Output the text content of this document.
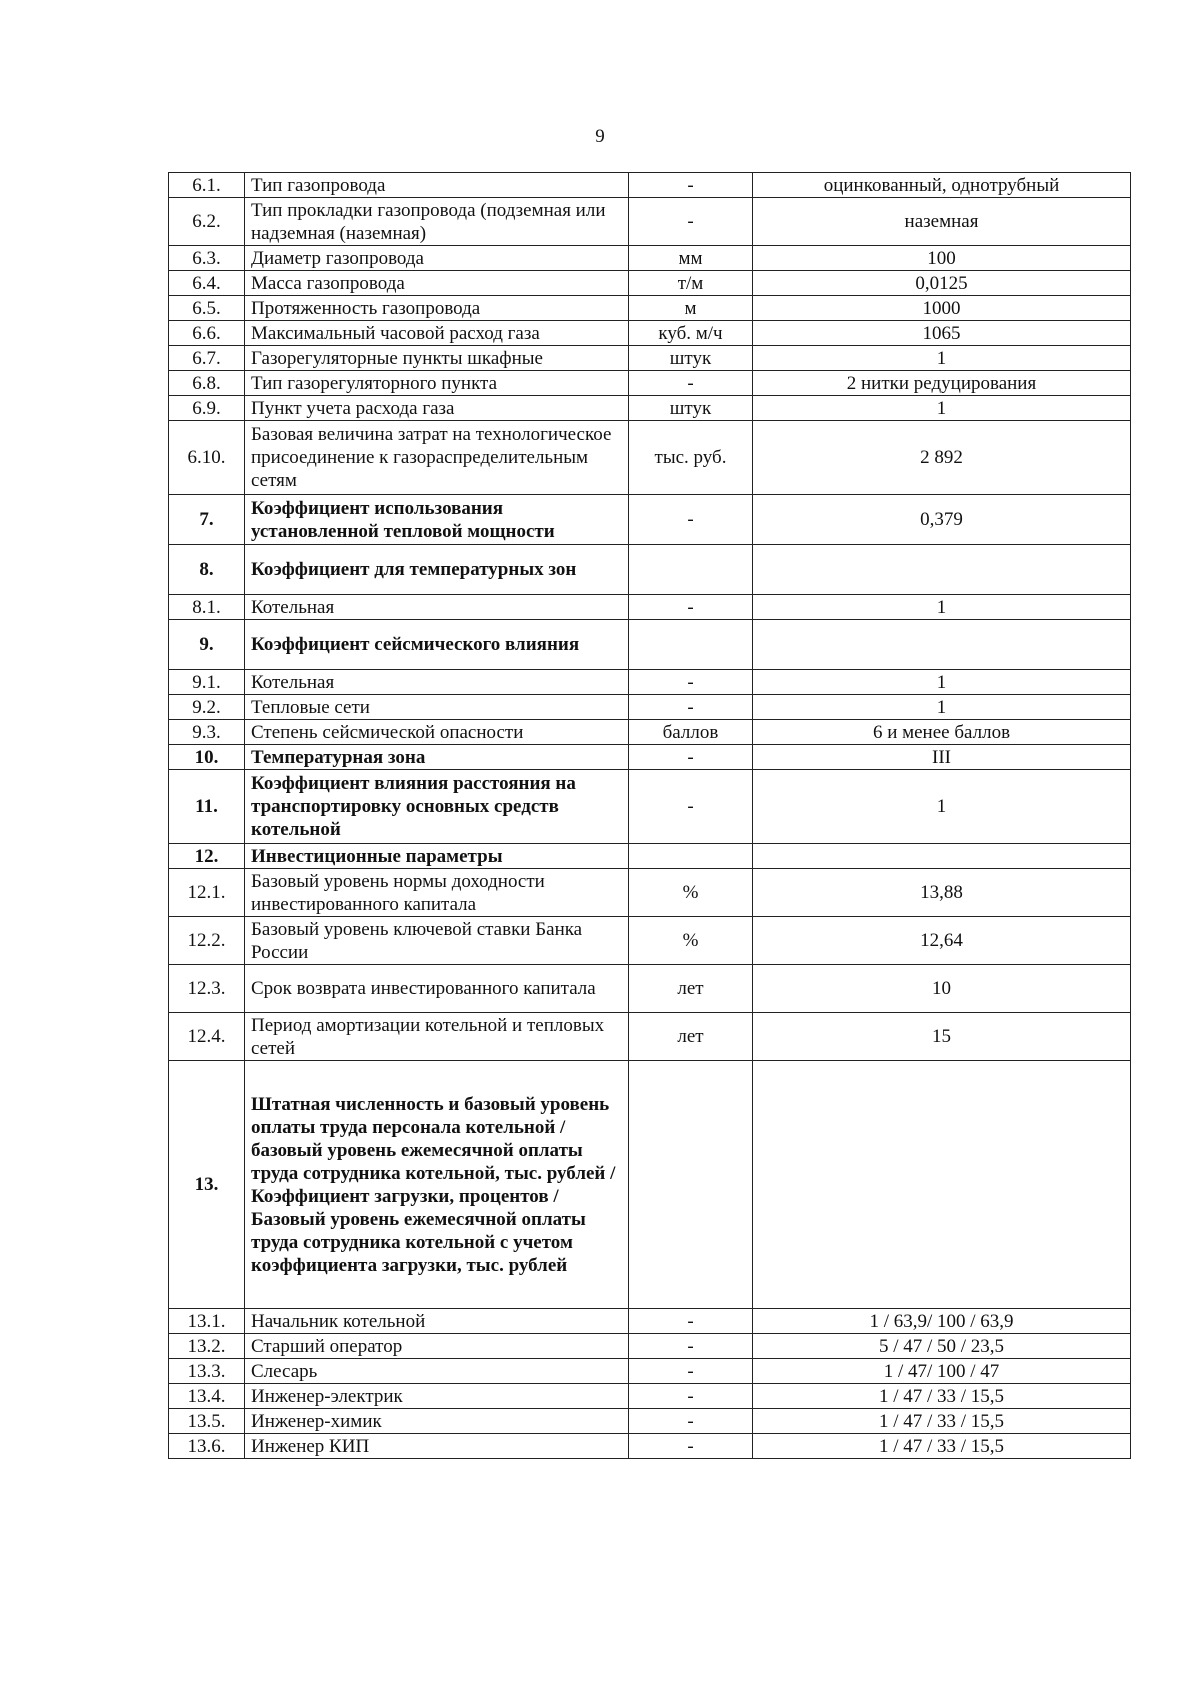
9
6.1.	Тип газопровода	-	оцинкованный, однотрубный
6.2.	Тип прокладки газопровода (подземная или надземная (наземная)	-	наземная
6.3.	Диаметр газопровода	мм	100
6.4.	Масса газопровода	т/м	0,0125
6.5.	Протяженность газопровода	м	1000
6.6.	Максимальный часовой расход газа	куб. м/ч	1065
6.7.	Газорегуляторные пункты шкафные	штук	1
6.8.	Тип газорегуляторного пункта	-	2 нитки редуцирования
6.9.	Пункт учета расхода газа	штук	1
6.10.	Базовая величина затрат на технологическое присоединение к газораспределительным сетям	тыс. руб.	2 892
7.	Коэффициент использования установленной тепловой мощности	-	0,379
8.	Коэффициент для температурных зон		
8.1.	Котельная	-	1
9.	Коэффициент сейсмического влияния		
9.1.	Котельная	-	1
9.2.	Тепловые сети	-	1
9.3.	Степень сейсмической опасности	баллов	6 и менее баллов
10.	Температурная зона	-	III
11.	Коэффициент влияния расстояния на транспортировку основных средств котельной	-	1
12.	Инвестиционные параметры		
12.1.	Базовый уровень нормы доходности инвестированного капитала	%	13,88
12.2.	Базовый уровень ключевой ставки Банка России	%	12,64
12.3.	Срок возврата инвестированного капитала	лет	10
12.4.	Период амортизации котельной и тепловых сетей	лет	15
13.	Штатная численность и базовый уровень оплаты труда персонала котельной / базовый уровень ежемесячной оплаты труда сотрудника котельной, тыс. рублей / Коэффициент загрузки, процентов / Базовый уровень ежемесячной оплаты труда сотрудника котельной с учетом коэффициента загрузки, тыс. рублей		
13.1.	Начальник котельной	-	1 / 63,9/ 100 / 63,9
13.2.	Старший оператор	-	5 / 47 / 50 / 23,5
13.3.	Слесарь	-	1 / 47/ 100 / 47
13.4.	Инженер-электрик	-	1 / 47 / 33 / 15,5
13.5.	Инженер-химик	-	1 / 47 / 33 / 15,5
13.6.	Инженер КИП	-	1 / 47 / 33 / 15,5
